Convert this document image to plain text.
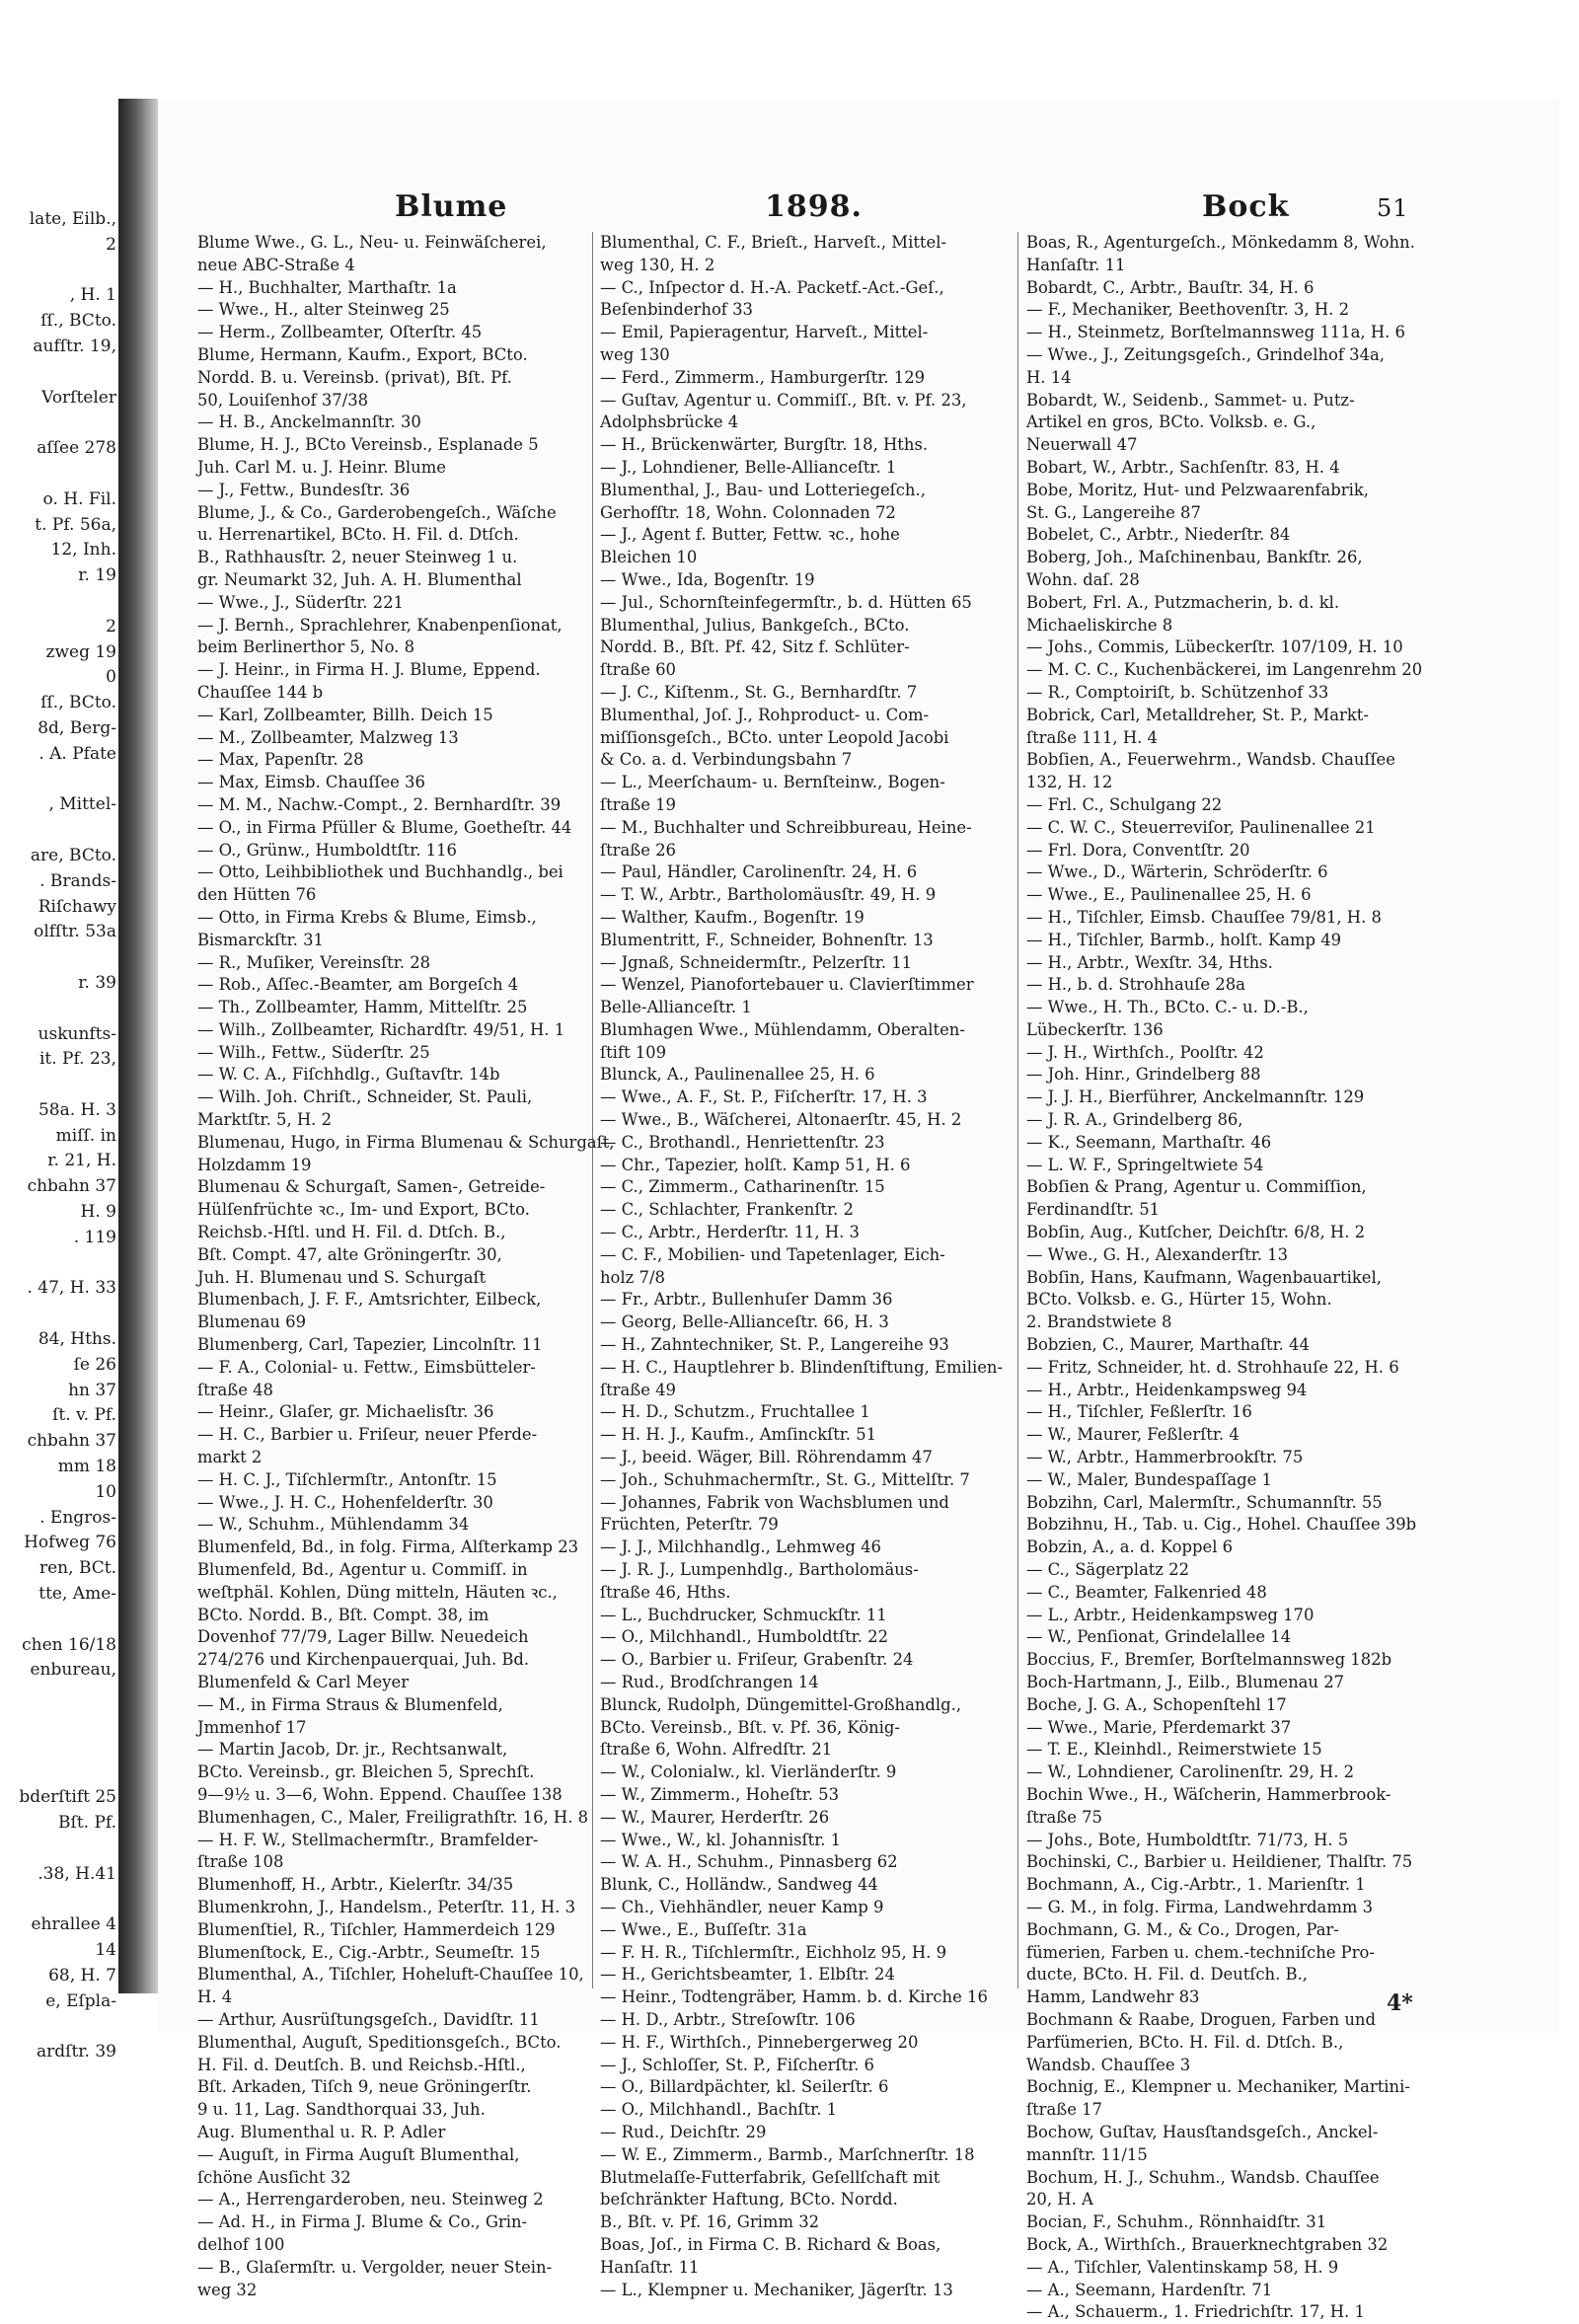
late, Eilb.,
2
, H. 1
ſſ., BCto.
aufſtr. 19,
Vorſteler
aſſee 278
o. H. Fil.
t. Pf. 56a,
12, Inh.
r. 19
2
zweg 19
0
ſſ., BCto.
8d, Berg-
. A. Pfate
, Mittel-
are, BCto.
. Brands-
Riſchawy
olfſtr. 53a
r. 39
uskunfts-
it. Pf. 23,
58a. H. 3
miſſ. in
r. 21, H.
chbahn 37
H. 9
. 119
. 47, H. 33
84, Hths.
ſe 26
hn 37
ſt. v. Pf.
chbahn 37
mm 18
10
. Engros-
Hofweg 76
ren, BCt.
tte, Ame-
chen 16/18
enbureau,
bderſtift 25
Bſt. Pf.
.38, H.41
ehrallee 4
14
68, H. 7
e, Eſpla-
ardſtr. 39
Blume	1898.	Bock	51
Blume Wwe., G. L., Neu- u. Feinwäſcherei,
neue ABC-Straße 4
— H., Buchhalter, Marthaſtr. 1a
— Wwe., H., alter Steinweg 25
— Herm., Zollbeamter, Oſterſtr. 45
Blume, Hermann, Kaufm., Export, BCto.
Nordd. B. u. Vereinsb. (privat), Bſt. Pf.
50, Louiſenhof 37/38
— H. B., Anckelmannſtr. 30
Blume, H. J., BCto Vereinsb., Esplanade 5
Juh. Carl M. u. J. Heinr. Blume
— J., Fettw., Bundesſtr. 36
Blume, J., & Co., Garderobengeſch., Wäſche
u. Herrenartikel, BCto. H. Fil. d. Dtſch.
B., Rathhausſtr. 2, neuer Steinweg 1 u.
gr. Neumarkt 32, Juh. A. H. Blumenthal
— Wwe., J., Süderſtr. 221
— J. Bernh., Sprachlehrer, Knabenpenſionat,
beim Berlinerthor 5, No. 8
— J. Heinr., in Firma H. J. Blume, Eppend.
Chauſſee 144 b
— Karl, Zollbeamter, Billh. Deich 15
— M., Zollbeamter, Malzweg 13
— Max, Papenſtr. 28
— Max, Eimsb. Chauſſee 36
— M. M., Nachw.-Compt., 2. Bernhardſtr. 39
— O., in Firma Pfüller & Blume, Goetheſtr. 44
— O., Grünw., Humboldtſtr. 116
— Otto, Leihbibliothek und Buchhandlg., bei
den Hütten 76
— Otto, in Firma Krebs & Blume, Eimsb.,
Bismarckſtr. 31
— R., Muſiker, Vereinsſtr. 28
— Rob., Aſſec.-Beamter, am Borgeſch 4
— Th., Zollbeamter, Hamm, Mittelſtr. 25
— Wilh., Zollbeamter, Richardſtr. 49/51, H. 1
— Wilh., Fettw., Süderſtr. 25
— W. C. A., Fiſchhdlg., Guſtavſtr. 14b
— Wilh. Joh. Chriſt., Schneider, St. Pauli,
Marktſtr. 5, H. 2
Blumenau, Hugo, in Firma Blumenau & Schurgaſt,
Holzdamm 19
Blumenau & Schurgaſt, Samen-, Getreide-
Hülſenfrüchte ꝛc., Im- und Export, BCto.
Reichsb.-Hſtl. und H. Fil. d. Dtſch. B.,
Bſt. Compt. 47, alte Gröningerſtr. 30,
Juh. H. Blumenau und S. Schurgaſt
Blumenbach, J. F. F., Amtsrichter, Eilbeck,
Blumenau 69
Blumenberg, Carl, Tapezier, Lincolnſtr. 11
— F. A., Colonial- u. Fettw., Eimsbütteler-
ſtraße 48
— Heinr., Glaſer, gr. Michaelisſtr. 36
— H. C., Barbier u. Friſeur, neuer Pferde-
markt 2
— H. C. J., Tiſchlermſtr., Antonſtr. 15
— Wwe., J. H. C., Hohenfelderſtr. 30
— W., Schuhm., Mühlendamm 34
Blumenfeld, Bd., in folg. Firma, Alſterkamp 23
Blumenfeld, Bd., Agentur u. Commiſſ. in
weſtphäl. Kohlen, Düng mitteln, Häuten ꝛc.,
BCto. Nordd. B., Bſt. Compt. 38, im
Dovenhof 77/79, Lager Billw. Neuedeich
274/276 und Kirchenpauerquai, Juh. Bd.
Blumenfeld & Carl Meyer
— M., in Firma Straus & Blumenfeld,
Jmmenhof 17
— Martin Jacob, Dr. jr., Rechtsanwalt,
BCto. Vereinsb., gr. Bleichen 5, Sprechſt.
9—9½ u. 3—6, Wohn. Eppend. Chauſſee 138
Blumenhagen, C., Maler, Freiligrathſtr. 16, H. 8
— H. F. W., Stellmachermſtr., Bramfelder-
ſtraße 108
Blumenhoff, H., Arbtr., Kielerſtr. 34/35
Blumenkrohn, J., Handelsm., Peterſtr. 11, H. 3
Blumenſtiel, R., Tiſchler, Hammerdeich 129
Blumenſtock, E., Cig.-Arbtr., Seumeſtr. 15
Blumenthal, A., Tiſchler, Hoheluft-Chauſſee 10,
H. 4
— Arthur, Ausrüſtungsgeſch., Davidſtr. 11
Blumenthal, Auguſt, Speditionsgeſch., BCto.
H. Fil. d. Deutſch. B. und Reichsb.-Hſtl.,
Bſt. Arkaden, Tiſch 9, neue Gröningerſtr.
9 u. 11, Lag. Sandthorquai 33, Juh.
Aug. Blumenthal u. R. P. Adler
— Auguſt, in Firma Auguſt Blumenthal,
ſchöne Ausſicht 32
— A., Herrengarderoben, neu. Steinweg 2
— Ad. H., in Firma J. Blume & Co., Grin-
delhof 100
— B., Glaſermſtr. u. Vergolder, neuer Stein-
weg 32
Blumenthal, C. F., Brieſt., Harveſt., Mittel-
weg 130, H. 2
— C., Inſpector d. H.-A. Packetf.-Act.-Geſ.,
Beſenbinderhof 33
— Emil, Papieragentur, Harveſt., Mittel-
weg 130
— Ferd., Zimmerm., Hamburgerſtr. 129
— Guſtav, Agentur u. Commiſſ., Bſt. v. Pf. 23,
Adolphsbrücke 4
— H., Brückenwärter, Burgſtr. 18, Hths.
— J., Lohndiener, Belle-Allianceſtr. 1
Blumenthal, J., Bau- und Lotteriegeſch.,
Gerhofſtr. 18, Wohn. Colonnaden 72
— J., Agent f. Butter, Fettw. ꝛc., hohe
Bleichen 10
— Wwe., Ida, Bogenſtr. 19
— Jul., Schornſteinfegermſtr., b. d. Hütten 65
Blumenthal, Julius, Bankgeſch., BCto.
Nordd. B., Bſt. Pf. 42, Sitz f. Schlüter-
ſtraße 60
— J. C., Kiſtenm., St. G., Bernhardſtr. 7
Blumenthal, Joſ. J., Rohproduct- u. Com-
miſſionsgeſch., BCto. unter Leopold Jacobi
& Co. a. d. Verbindungsbahn 7
— L., Meerſchaum- u. Bernſteinw., Bogen-
ſtraße 19
— M., Buchhalter und Schreibbureau, Heine-
ſtraße 26
— Paul, Händler, Carolinenſtr. 24, H. 6
— T. W., Arbtr., Bartholomäusſtr. 49, H. 9
— Walther, Kaufm., Bogenſtr. 19
Blumentritt, F., Schneider, Bohnenſtr. 13
— Jgnaß, Schneidermſtr., Pelzerſtr. 11
— Wenzel, Pianofortebauer u. Clavierſtimmer
Belle-Allianceſtr. 1
Blumhagen Wwe., Mühlendamm, Oberalten-
ſtift 109
Blunck, A., Paulinenallee 25, H. 6
— Wwe., A. F., St. P., Fiſcherſtr. 17, H. 3
— Wwe., B., Wäſcherei, Altonaerſtr. 45, H. 2
— C., Brothandl., Henriettenſtr. 23
— Chr., Tapezier, holſt. Kamp 51, H. 6
— C., Zimmerm., Catharinenſtr. 15
— C., Schlachter, Frankenſtr. 2
— C., Arbtr., Herderſtr. 11, H. 3
— C. F., Mobilien- und Tapetenlager, Eich-
holz 7/8
— Fr., Arbtr., Bullenhuſer Damm 36
— Georg, Belle-Allianceſtr. 66, H. 3
— H., Zahntechniker, St. P., Langereihe 93
— H. C., Hauptlehrer b. Blindenſtiftung, Emilien-
ſtraße 49
— H. D., Schutzm., Fruchtallee 1
— H. H. J., Kaufm., Amſinckſtr. 51
— J., beeid. Wäger, Bill. Röhrendamm 47
— Joh., Schuhmachermſtr., St. G., Mittelſtr. 7
— Johannes, Fabrik von Wachsblumen und
Früchten, Peterſtr. 79
— J. J., Milchhandlg., Lehmweg 46
— J. R. J., Lumpenhdlg., Bartholomäus-
ſtraße 46, Hths.
— L., Buchdrucker, Schmuckſtr. 11
— O., Milchhandl., Humboldtſtr. 22
— O., Barbier u. Friſeur, Grabenſtr. 24
— Rud., Brodſchrangen 14
Blunck, Rudolph, Düngemittel-Großhandlg.,
BCto. Vereinsb., Bſt. v. Pf. 36, König-
ſtraße 6, Wohn. Alfredſtr. 21
— W., Colonialw., kl. Vierländerſtr. 9
— W., Zimmerm., Hoheſtr. 53
— W., Maurer, Herderſtr. 26
— Wwe., W., kl. Johannisſtr. 1
— W. A. H., Schuhm., Pinnasberg 62
Blunk, C., Holländw., Sandweg 44
— Ch., Viehhändler, neuer Kamp 9
— Wwe., E., Buſſeſtr. 31a
— F. H. R., Tiſchlermſtr., Eichholz 95, H. 9
— H., Gerichtsbeamter, 1. Elbſtr. 24
— Heinr., Todtengräber, Hamm. b. d. Kirche 16
— H. D., Arbtr., Streſowſtr. 106
— H. F., Wirthſch., Pinnebergerweg 20
— J., Schloſſer, St. P., Fiſcherſtr. 6
— O., Billardpächter, kl. Seilerſtr. 6
— O., Milchhandl., Bachſtr. 1
— Rud., Deichſtr. 29
— W. E., Zimmerm., Barmb., Marſchnerſtr. 18
Blutmelaſſe-Futterfabrik, Geſellſchaft mit
beſchränkter Haftung, BCto. Nordd.
B., Bſt. v. Pf. 16, Grimm 32
Boas, Joſ., in Firma C. B. Richard & Boas,
Hanſaſtr. 11
— L., Klempner u. Mechaniker, Jägerſtr. 13
Boas, R., Agenturgeſch., Mönkedamm 8, Wohn.
Hanſaſtr. 11
Bobardt, C., Arbtr., Bauſtr. 34, H. 6
— F., Mechaniker, Beethovenſtr. 3, H. 2
— H., Steinmetz, Borſtelmannsweg 111a, H. 6
— Wwe., J., Zeitungsgeſch., Grindelhof 34a,
H. 14
Bobardt, W., Seidenb., Sammet- u. Putz-
Artikel en gros, BCto. Volksb. e. G.,
Neuerwall 47
Bobart, W., Arbtr., Sachſenſtr. 83, H. 4
Bobe, Moritz, Hut- und Pelzwaarenfabrik,
St. G., Langereihe 87
Bobelet, C., Arbtr., Niederſtr. 84
Boberg, Joh., Maſchinenbau, Bankſtr. 26,
Wohn. daſ. 28
Bobert, Frl. A., Putzmacherin, b. d. kl.
Michaeliskirche 8
— Johs., Commis, Lübeckerſtr. 107/109, H. 10
— M. C. C., Kuchenbäckerei, im Langenrehm 20
— R., Comptoiriſt, b. Schützenhof 33
Bobrick, Carl, Metalldreher, St. P., Markt-
ſtraße 111, H. 4
Bobſien, A., Feuerwehrm., Wandsb. Chauſſee
132, H. 12
— Frl. C., Schulgang 22
— C. W. C., Steuerreviſor, Paulinenallee 21
— Frl. Dora, Conventſtr. 20
— Wwe., D., Wärterin, Schröderſtr. 6
— Wwe., E., Paulinenallee 25, H. 6
— H., Tiſchler, Eimsb. Chauſſee 79/81, H. 8
— H., Tiſchler, Barmb., holſt. Kamp 49
— H., Arbtr., Wexſtr. 34, Hths.
— H., b. d. Strohhauſe 28a
— Wwe., H. Th., BCto. C.- u. D.-B.,
Lübeckerſtr. 136
— J. H., Wirthſch., Poolſtr. 42
— Joh. Hinr., Grindelberg 88
— J. J. H., Bierführer, Anckelmannſtr. 129
— J. R. A., Grindelberg 86,
— K., Seemann, Marthaſtr. 46
— L. W. F., Springeltwiete 54
Bobſien & Prang, Agentur u. Commiſſion,
Ferdinandſtr. 51
Bobſin, Aug., Kutſcher, Deichſtr. 6/8, H. 2
— Wwe., G. H., Alexanderſtr. 13
Bobſin, Hans, Kaufmann, Wagenbauartikel,
BCto. Volksb. e. G., Hürter 15, Wohn.
2. Brandstwiete 8
Bobzien, C., Maurer, Marthaſtr. 44
— Fritz, Schneider, ht. d. Strohhauſe 22, H. 6
— H., Arbtr., Heidenkampsweg 94
— H., Tiſchler, Feßlerſtr. 16
— W., Maurer, Feßlerſtr. 4
— W., Arbtr., Hammerbrookſtr. 75
— W., Maler, Bundespaſſage 1
Bobzihn, Carl, Malermſtr., Schumannſtr. 55
Bobzihnu, H., Tab. u. Cig., Hohel. Chauſſee 39b
Bobzin, A., a. d. Koppel 6
— C., Sägerplatz 22
— C., Beamter, Falkenried 48
— L., Arbtr., Heidenkampsweg 170
— W., Penſionat, Grindelallee 14
Boccius, F., Bremſer, Borſtelmannsweg 182b
Boch-Hartmann, J., Eilb., Blumenau 27
Boche, J. G. A., Schopenſtehl 17
— Wwe., Marie, Pferdemarkt 37
— T. E., Kleinhdl., Reimerstwiete 15
— W., Lohndiener, Carolinenſtr. 29, H. 2
Bochin Wwe., H., Wäſcherin, Hammerbrook-
ſtraße 75
— Johs., Bote, Humboldtſtr. 71/73, H. 5
Bochinski, C., Barbier u. Heildiener, Thalſtr. 75
Bochmann, A., Cig.-Arbtr., 1. Marienſtr. 1
— G. M., in folg. Firma, Landwehrdamm 3
Bochmann, G. M., & Co., Drogen, Par-
fümerien, Farben u. chem.-techniſche Pro-
ducte, BCto. H. Fil. d. Deutſch. B.,
Hamm, Landwehr 83
Bochmann & Raabe, Droguen, Farben und
Parfümerien, BCto. H. Fil. d. Dtſch. B.,
Wandsb. Chauſſee 3
Bochnig, E., Klempner u. Mechaniker, Martini-
ſtraße 17
Bochow, Guſtav, Hausſtandsgeſch., Anckel-
mannſtr. 11/15
Bochum, H. J., Schuhm., Wandsb. Chauſſee
20, H. A
Bocian, F., Schuhm., Rönnhaidſtr. 31
Bock, A., Wirthſch., Brauerknechtgraben 32
— A., Tiſchler, Valentinskamp 58, H. 9
— A., Seemann, Hardenſtr. 71
— A., Schauerm., 1. Friedrichſtr. 17, H. 1
4*
